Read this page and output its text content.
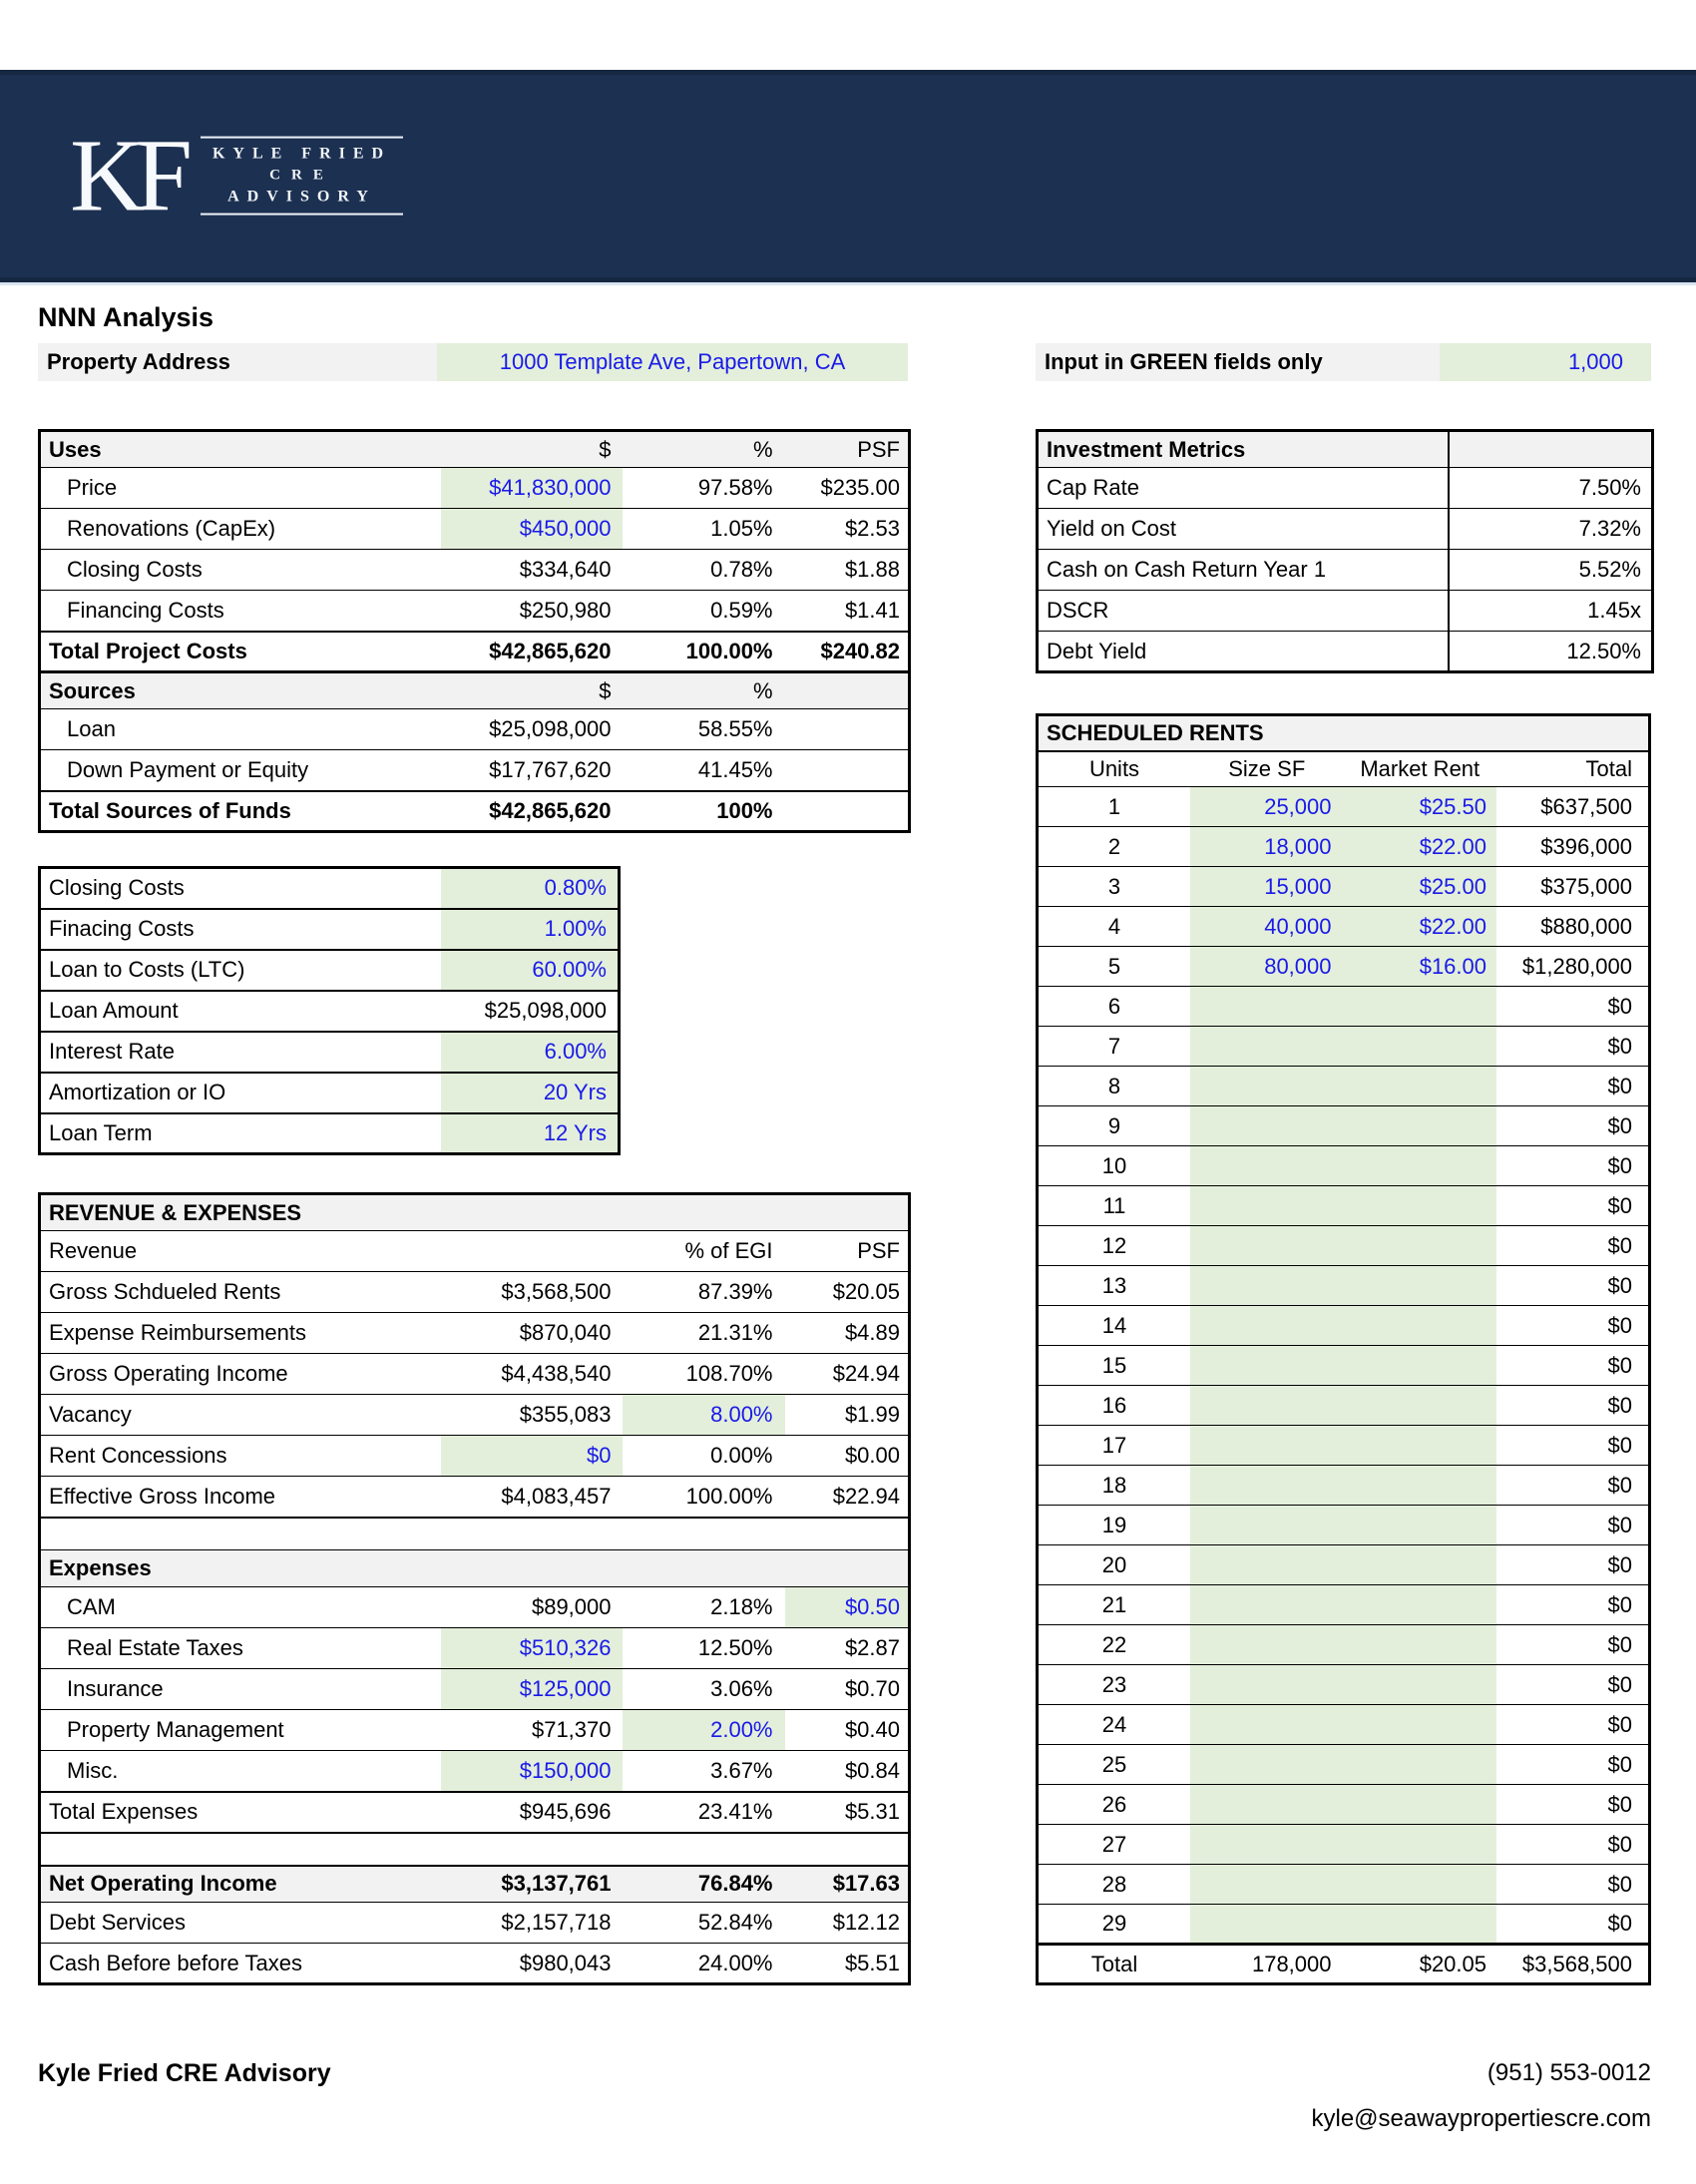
KF	KYLE FRIED
CRE
ADVISORY
NNN Analysis
Property Address	1000 Template Ave, Papertown, CA	Input in GREEN fields only	1,000
Uses	$	%	PSF
Price	$41,830,000	97.58%	$235.00
Renovations (CapEx)	$450,000	1.05%	$2.53
Closing Costs	$334,640	0.78%	$1.88
Financing Costs	$250,980	0.59%	$1.41
Total Project Costs	$42,865,620	100.00%	$240.82
Sources	$	%	
Loan	$25,098,000	58.55%	
Down Payment or Equity	$17,767,620	41.45%	
Total Sources of Funds	$42,865,620	100%	
Closing Costs	0.80%
Finacing Costs	1.00%
Loan to Costs (LTC)	60.00%
Loan Amount	$25,098,000
Interest Rate	6.00%
Amortization or IO	20 Yrs
Loan Term	12 Yrs
REVENUE & EXPENSES			
Revenue		% of EGI	PSF
Gross Schdueled Rents	$3,568,500	87.39%	$20.05
Expense Reimbursements	$870,040	21.31%	$4.89
Gross Operating Income	$4,438,540	108.70%	$24.94
Vacancy	$355,083	8.00%	$1.99
Rent Concessions	$0	0.00%	$0.00
Effective Gross Income	$4,083,457	100.00%	$22.94

Expenses			
CAM	$89,000	2.18%	$0.50
Real Estate Taxes	$510,326	12.50%	$2.87
Insurance	$125,000	3.06%	$0.70
Property Management	$71,370	2.00%	$0.40
Misc.	$150,000	3.67%	$0.84
Total Expenses	$945,696	23.41%	$5.31

Net Operating Income	$3,137,761	76.84%	$17.63
Debt Services	$2,157,718	52.84%	$12.12
Cash Before before Taxes	$980,043	24.00%	$5.51
Investment Metrics	
Cap Rate	7.50%
Yield on Cost	7.32%
Cash on Cash Return Year 1	5.52%
DSCR	1.45x
Debt Yield	12.50%
SCHEDULED RENTS			
Units	Size SF	Market Rent	Total
1	25,000	$25.50	$637,500
2	18,000	$22.00	$396,000
3	15,000	$25.00	$375,000
4	40,000	$22.00	$880,000
5	80,000	$16.00	$1,280,000
6			$0
7			$0
8			$0
9			$0
10			$0
11			$0
12			$0
13			$0
14			$0
15			$0
16			$0
17			$0
18			$0
19			$0
20			$0
21			$0
22			$0
23			$0
24			$0
25			$0
26			$0
27			$0
28			$0
29			$0
Total	178,000	$20.05	$3,568,500
Kyle Fried CRE Advisory	(951) 553-0012
kyle@seawaypropertiescre.com
